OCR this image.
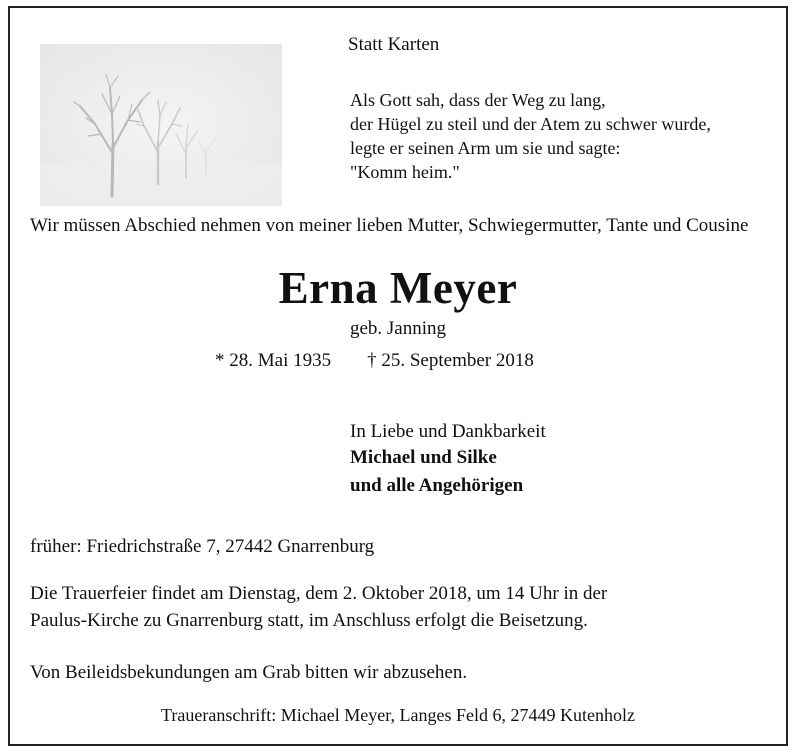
Statt Karten
Als Gott sah, dass der Weg zu lang,
der Hügel zu steil und der Atem zu schwer wurde,
legte er seinen Arm um sie und sagte:
"Komm heim."
Wir müssen Abschied nehmen von meiner lieben Mutter, Schwiegermutter, Tante und Cousine
Erna Meyer
geb. Janning
* 28. Mai 1935 † 25. September 2018
In Liebe und Dankbarkeit
Michael und Silke
und alle Angehörigen
früher: Friedrichstraße 7, 27442 Gnarrenburg
Die Trauerfeier findet am Dienstag, dem 2. Oktober 2018, um 14 Uhr in der
Paulus-Kirche zu Gnarrenburg statt, im Anschluss erfolgt die Beisetzung.
Von Beileidsbekundungen am Grab bitten wir abzusehen.
Traueranschrift: Michael Meyer, Langes Feld 6, 27449 Kutenholz
